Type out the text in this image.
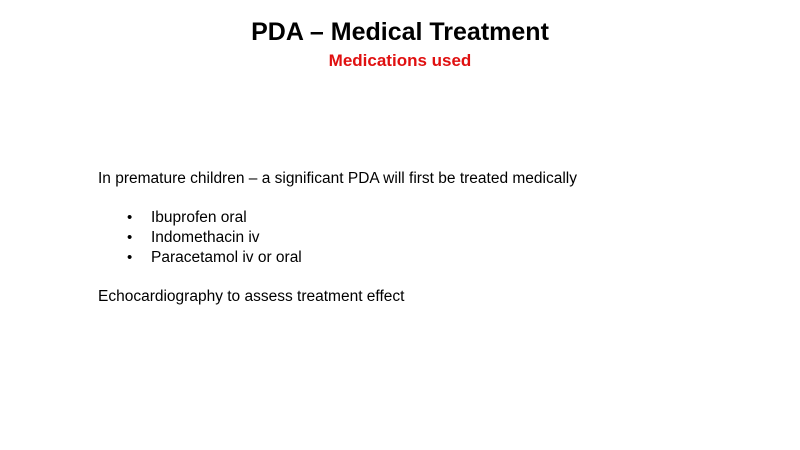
PDA – Medical Treatment
Medications used
In premature children – a significant PDA will first be treated medically
•	Ibuprofen oral
•	Indomethacin iv
•	Paracetamol iv or oral
Echocardiography to assess treatment effect
